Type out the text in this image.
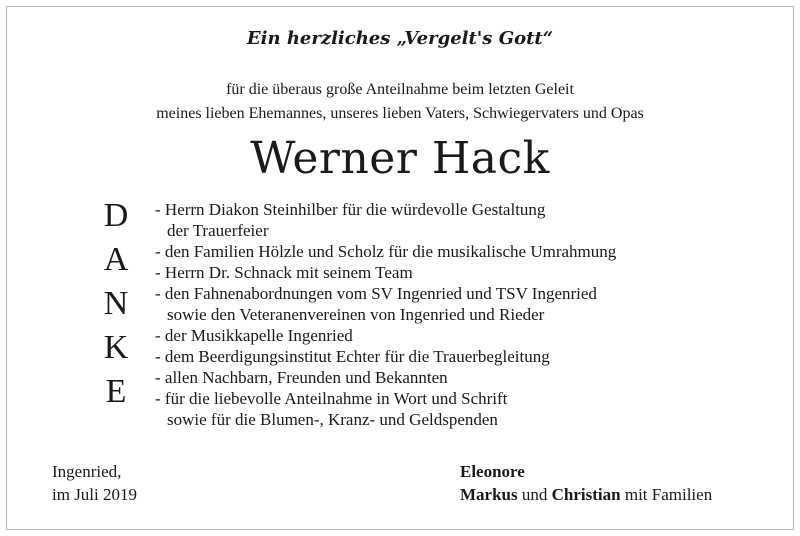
Ein herzliches „Vergelt's Gott“
für die überaus große Anteilnahme beim letzten Geleit
meines lieben Ehemannes, unseres lieben Vaters, Schwiegervaters und Opas
Werner Hack
D
A
N
K
E
- Herrn Diakon Steinhilber für die würdevolle Gestaltung
der Trauerfeier
- den Familien Hölzle und Scholz für die musikalische Umrahmung
- Herrn Dr. Schnack mit seinem Team
- den Fahnenabordnungen vom SV Ingenried und TSV Ingenried
sowie den Veteranenvereinen von Ingenried und Rieder
- der Musikkapelle Ingenried
- dem Beerdigungsinstitut Echter für die Trauerbegleitung
- allen Nachbarn, Freunden und Bekannten
- für die liebevolle Anteilnahme in Wort und Schrift
sowie für die Blumen-, Kranz- und Geldspenden
Ingenried,
im Juli 2019
Eleonore
Markus und Christian mit Familien
